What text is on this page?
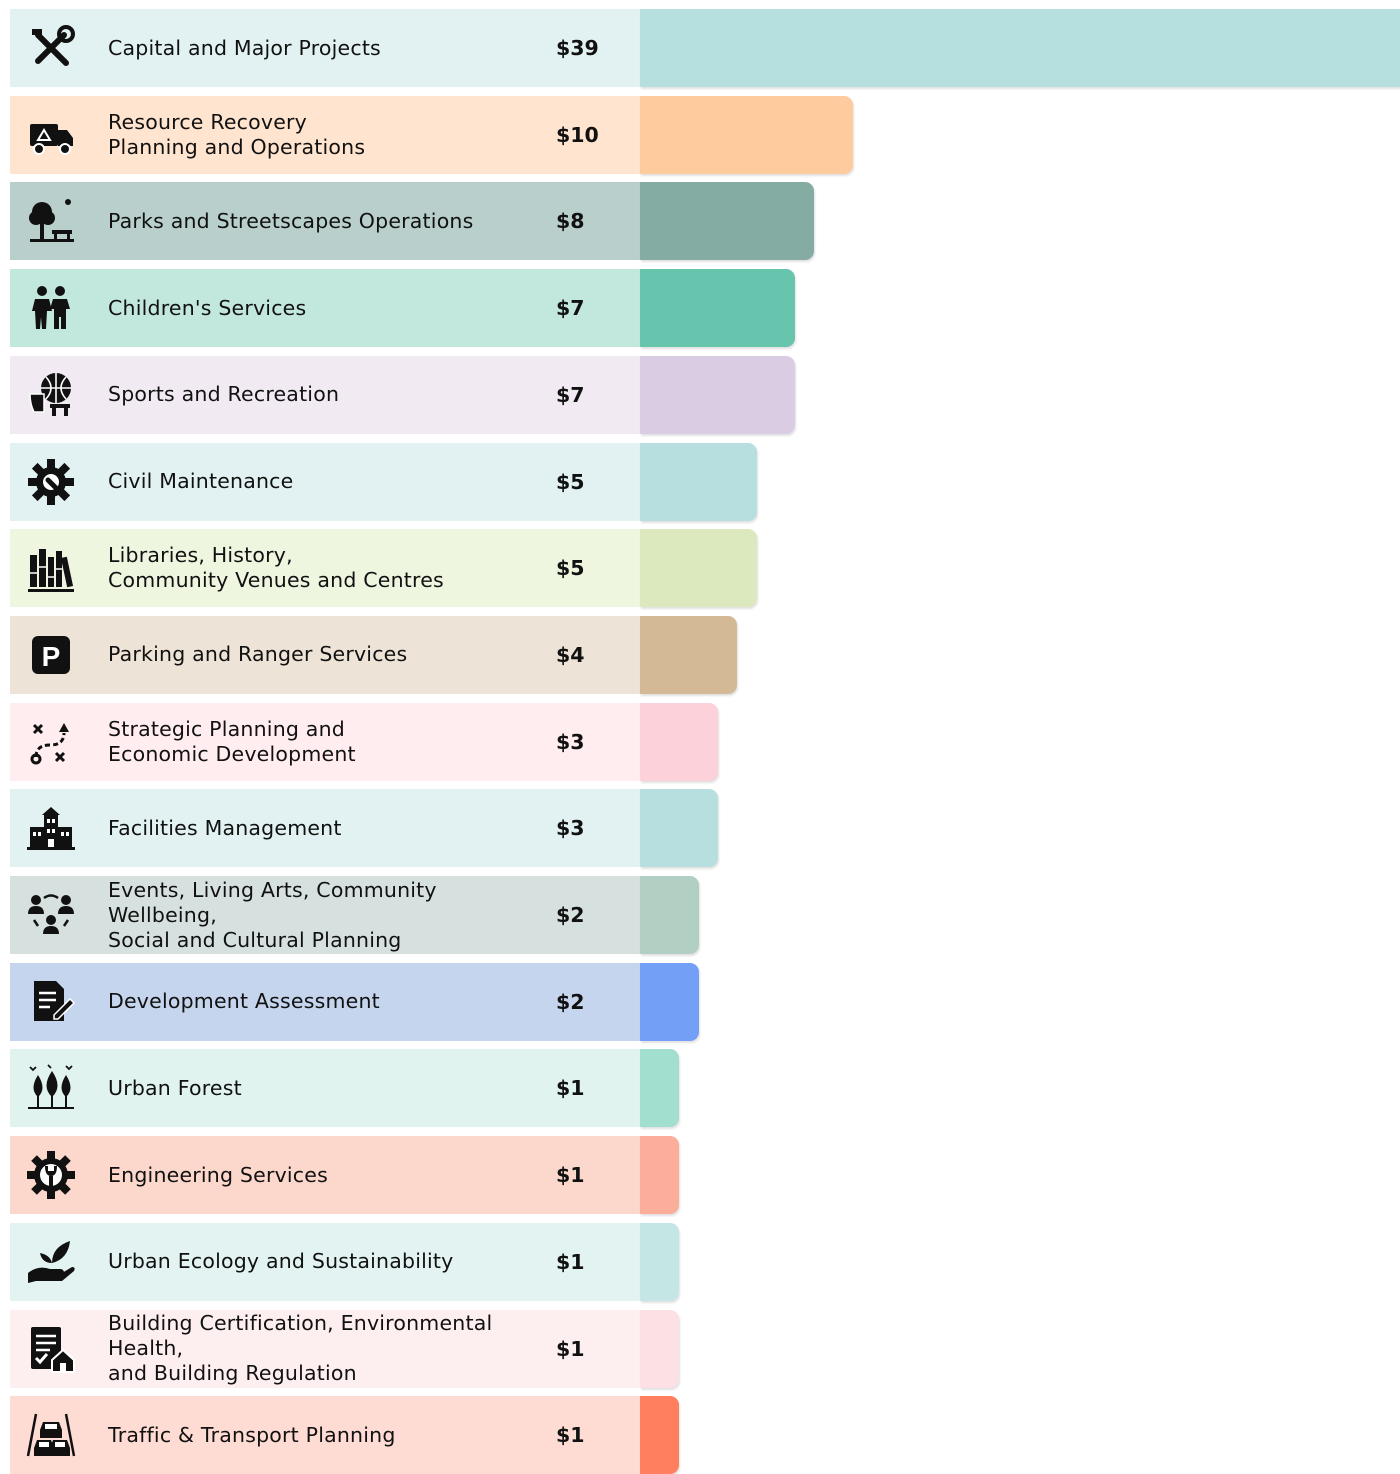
Capital and Major Projects	$39
Resource Recovery
Planning and Operations	$10
Parks and Streetscapes Operations	$8
Children's Services	$7
Sports and Recreation	$7
Civil Maintenance	$5
Libraries, History,
Community Venues and Centres	$5
P Parking and Ranger Services	$4
Strategic Planning and
Economic Development	$3
Facilities Management	$3
Events, Living Arts, Community Wellbeing,
Social and Cultural Planning
$2
Development Assessment	$2
Urban Forest	$1
Engineering Services	$1
Urban Ecology and Sustainability	$1
Building Certification, Environmental Health,
and Building Regulation
$1
Traffic & Transport Planning	$1
